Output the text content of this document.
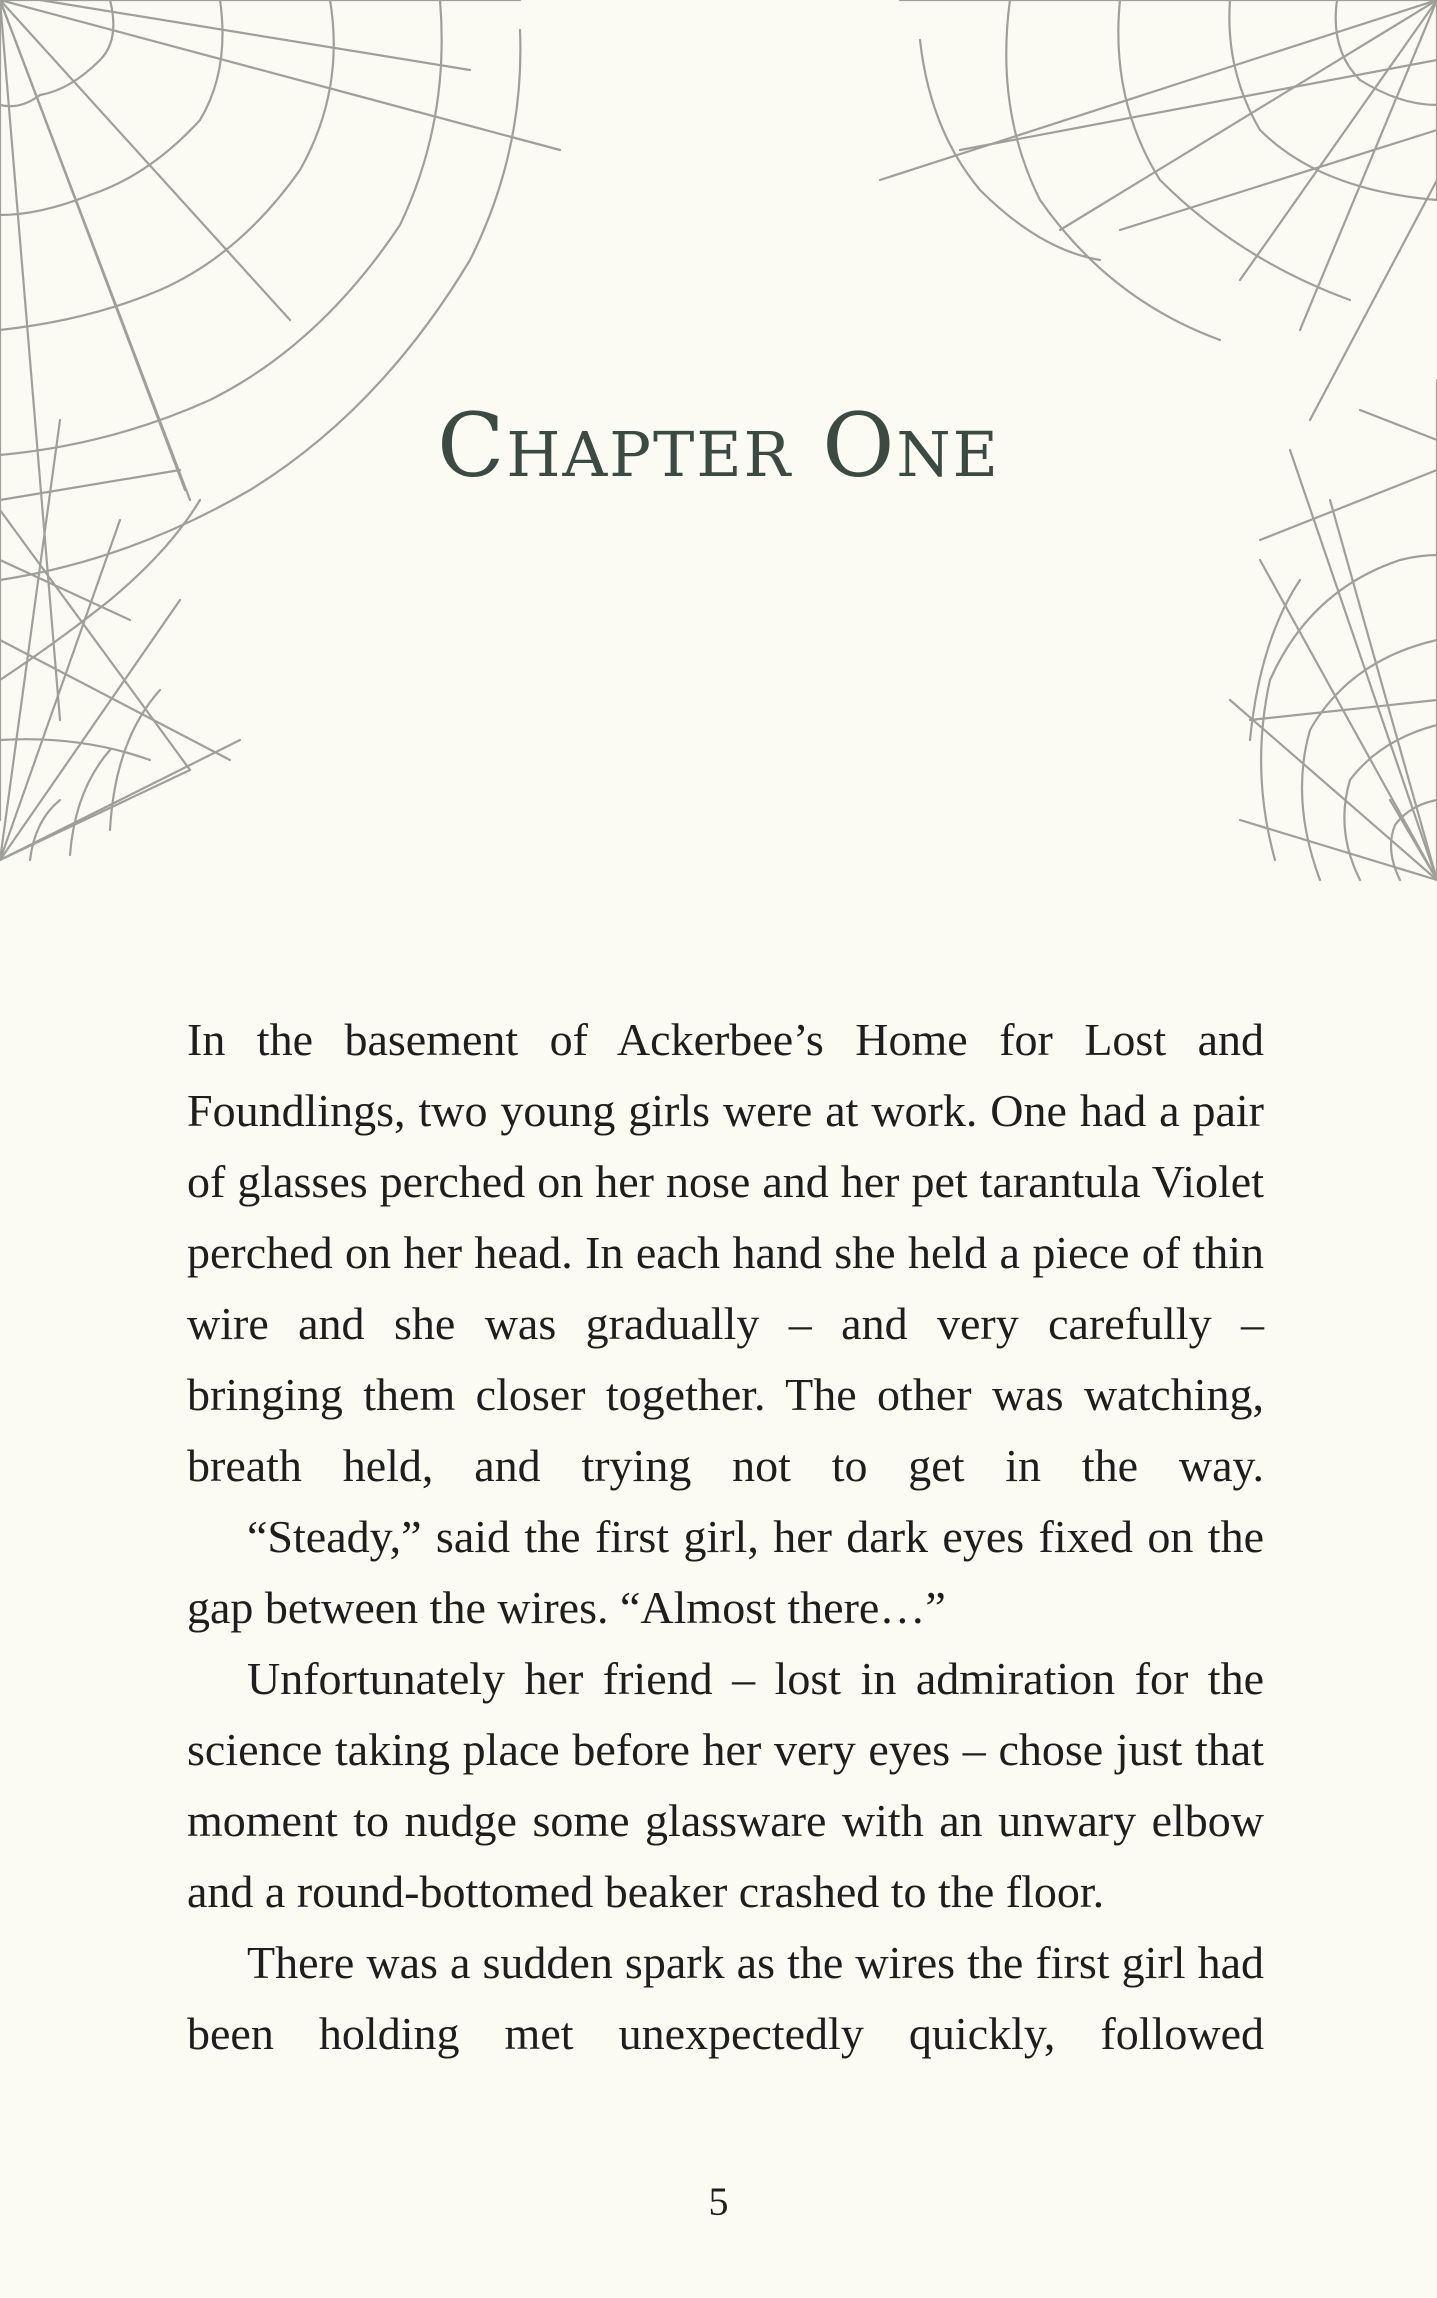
Chapter One

In the basement of Ackerbee’s Home for Lost and Foundlings, two young girls were at work. One had a pair of glasses perched on her nose and her pet tarantula Violet perched on her head. In each hand she held a piece of thin wire and she was gradually – and very carefully – bringing them closer together. The other was watching, breath held, and trying not to get in the way.

“Steady,” said the first girl, her dark eyes fixed on the gap between the wires. “Almost there…”

Unfortunately her friend – lost in admiration for the science taking place before her very eyes – chose just that moment to nudge some glassware with an unwary elbow and a round-bottomed beaker crashed to the floor.

There was a sudden spark as the wires the first girl had been holding met unexpectedly quickly, followed

5
